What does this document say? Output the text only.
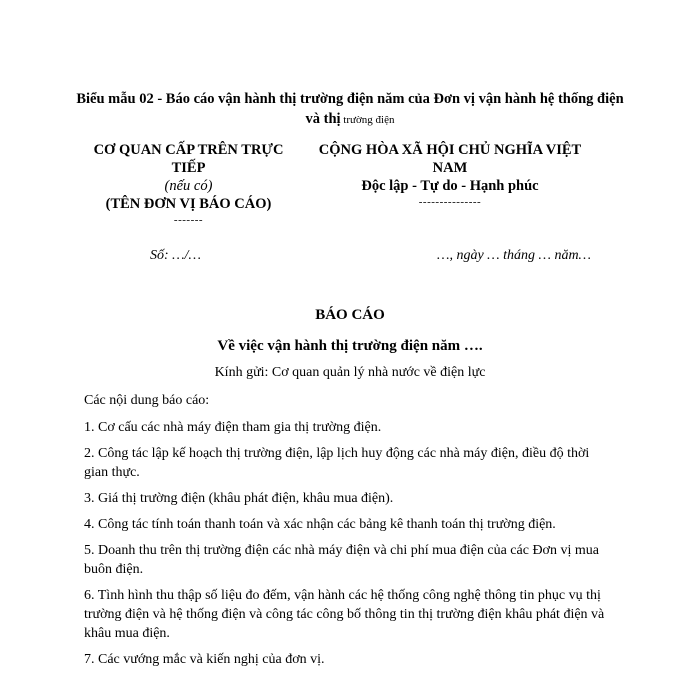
Biểu mẫu 02 - Báo cáo vận hành thị trường điện năm của Đơn vị vận hành hệ thống điện và thị trường điện
CƠ QUAN CẤP TRÊN TRỰC TIẾP
(nếu có)
(TÊN ĐƠN VỊ BÁO CÁO)
-------
CỘNG HÒA XÃ HỘI CHỦ NGHĨA VIỆT NAM
Độc lập - Tự do - Hạnh phúc
---------------
Số: …/…	…, ngày … tháng … năm…
BÁO CÁO
Về việc vận hành thị trường điện năm ….
Kính gửi: Cơ quan quản lý nhà nước về điện lực

Các nội dung báo cáo:

1. Cơ cấu các nhà máy điện tham gia thị trường điện.

2. Công tác lập kế hoạch thị trường điện, lập lịch huy động các nhà máy điện, điều độ thời gian thực.

3. Giá thị trường điện (khâu phát điện, khâu mua điện).

4. Công tác tính toán thanh toán và xác nhận các bảng kê thanh toán thị trường điện.

5. Doanh thu trên thị trường điện các nhà máy điện và chi phí mua điện của các Đơn vị mua buôn điện.

6. Tình hình thu thập số liệu đo đếm, vận hành các hệ thống công nghệ thông tin phục vụ thị trường điện và hệ thống điện và công tác công bố thông tin thị trường điện khâu phát điện và khâu mua điện.

7. Các vướng mắc và kiến nghị của đơn vị.
